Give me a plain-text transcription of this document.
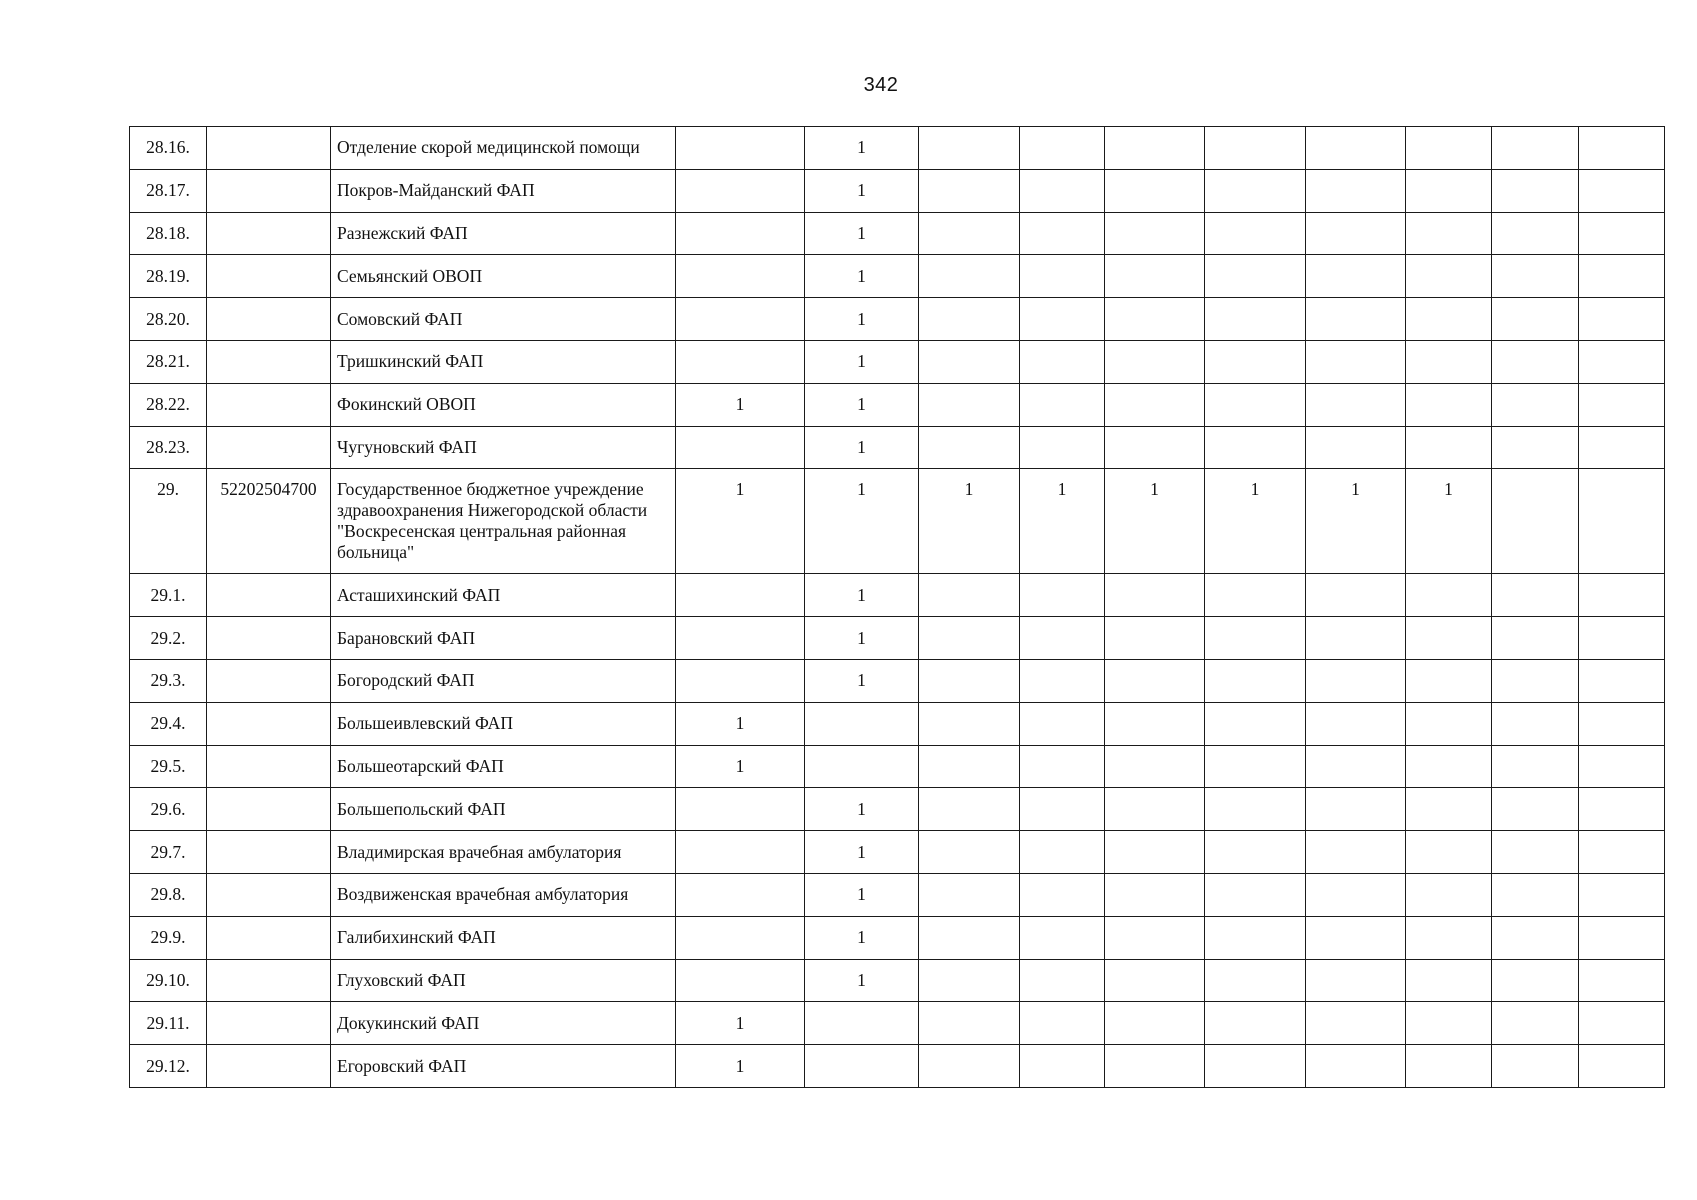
342
28.16.		Отделение скорой медицинской помощи		1								
28.17.		Покров-Майданский ФАП		1								
28.18.		Разнежский ФАП		1								
28.19.		Семьянский ОВОП		1								
28.20.		Сомовский ФАП		1								
28.21.		Тришкинский ФАП		1								
28.22.		Фокинский ОВОП	1	1								
28.23.		Чугуновский ФАП		1								
29.	52202504700	Государственное бюджетное учреждение здравоохранения Нижегородской области "Воскресенская центральная районная больница"	1	1	1	1	1	1	1	1		
29.1.		Асташихинский ФАП		1								
29.2.		Барановский ФАП		1								
29.3.		Богородский ФАП		1								
29.4.		Большеивлевский ФАП	1									
29.5.		Большеотарский ФАП	1									
29.6.		Большепольский ФАП		1								
29.7.		Владимирская врачебная амбулатория		1								
29.8.		Воздвиженская врачебная амбулатория		1								
29.9.		Галибихинский ФАП		1								
29.10.		Глуховский ФАП		1								
29.11.		Докукинский ФАП	1									
29.12.		Егоровский ФАП	1									
